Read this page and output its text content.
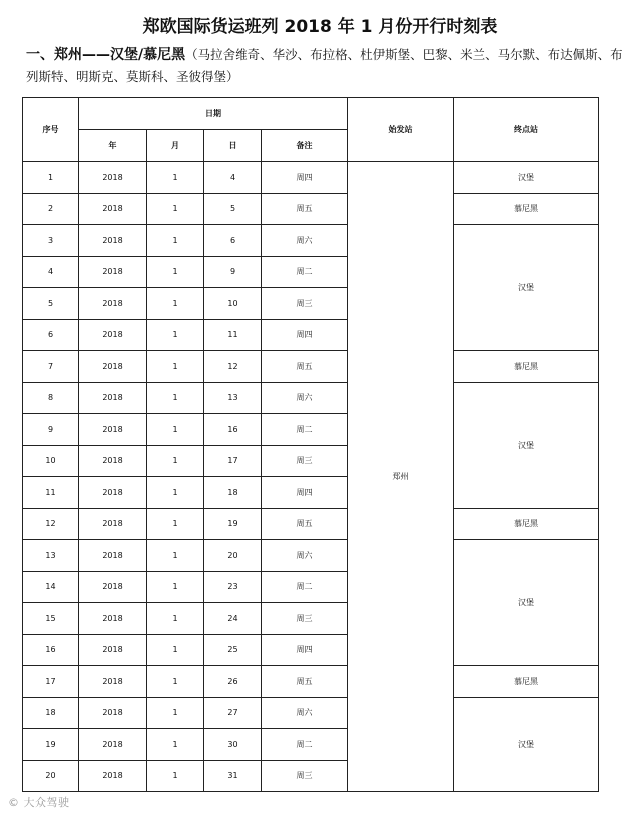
郑欧国际货运班列 2018 年 1 月份开行时刻表
一、郑州——汉堡/慕尼黑（马拉舍维奇、华沙、布拉格、杜伊斯堡、巴黎、米兰、马尔默、布达佩斯、布列斯特、明斯克、莫斯科、圣彼得堡）
序号	日期				始发站	终点站
	年	月	日	备注		
1	2018	1	4	周四	郑州	汉堡
2	2018	1	5	周五		慕尼黑
3	2018	1	6	周六		汉堡
4	2018	1	9	周二		
5	2018	1	10	周三		
6	2018	1	11	周四		
7	2018	1	12	周五		慕尼黑
8	2018	1	13	周六		汉堡
9	2018	1	16	周二		
10	2018	1	17	周三		
11	2018	1	18	周四		
12	2018	1	19	周五		慕尼黑
13	2018	1	20	周六		汉堡
14	2018	1	23	周二		
15	2018	1	24	周三		
16	2018	1	25	周四		
17	2018	1	26	周五		慕尼黑
18	2018	1	27	周六		汉堡
19	2018	1	30	周二		
20	2018	1	31	周三		
© 大众驾驶
